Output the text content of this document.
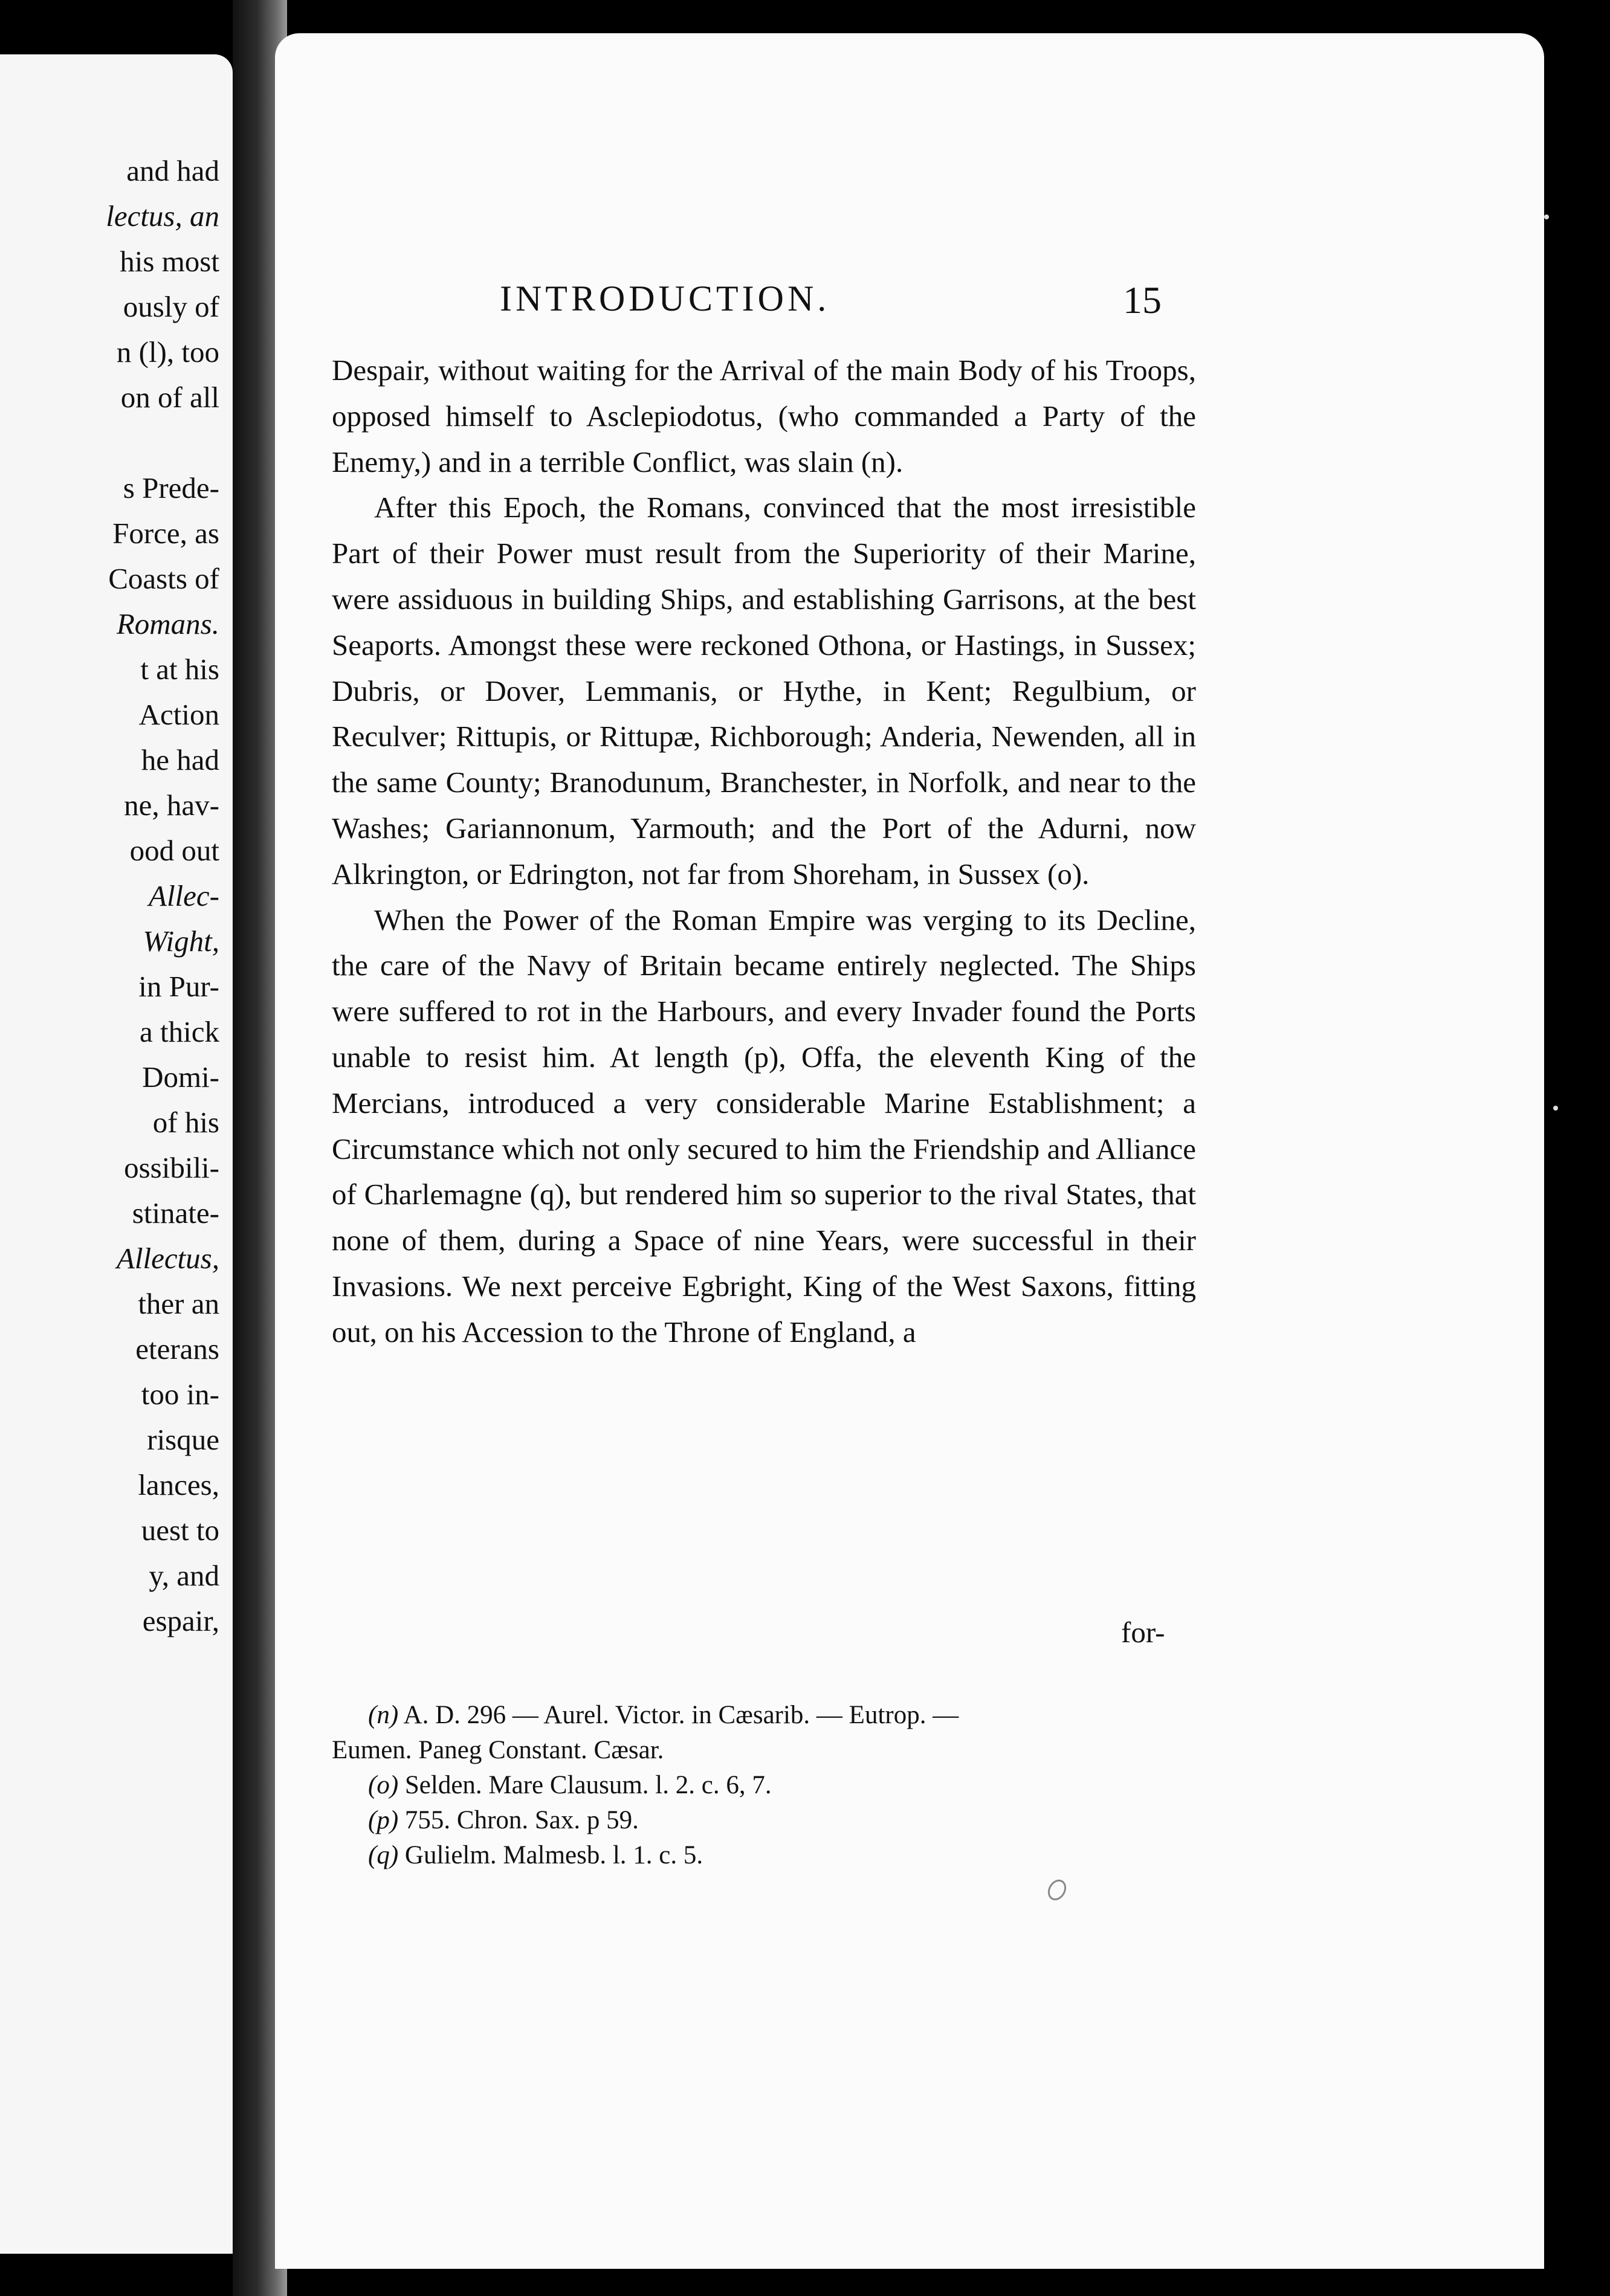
and had
lectus, an
his most
ously of
n (l), too
on of all
s Prede-
Force, as
Coasts of
Romans.
t at his
Action
he had
ne, hav-
ood out
Allec-
Wight,
in Pur-
a thick
Domi-
of his
ossibili-
stinate-
Allectus,
ther an
eterans
too in-
risque
lances,
uest to
y, and
espair,
INTRODUCTION.	15

Despair, without waiting for the Arrival of the main Body of his Troops, opposed himself to Asclepiodotus, (who commanded a Party of the Enemy,) and in a terrible Conflict, was slain (n).

After this Epoch, the Romans, convinced that the most irresistible Part of their Power must result from the Superiority of their Marine, were assiduous in building Ships, and establishing Garrisons, at the best Seaports. Amongst these were reckoned Othona, or Hastings, in Sussex; Dubris, or Dover, Lemmanis, or Hythe, in Kent; Regulbium, or Reculver; Rittupis, or Rittupæ, Richborough; Anderia, Newenden, all in the same County; Branodunum, Branchester, in Norfolk, and near to the Washes; Gariannonum, Yarmouth; and the Port of the Adurni, now Alkrington, or Edrington, not far from Shoreham, in Sussex (o).

When the Power of the Roman Empire was verging to its Decline, the care of the Navy of Britain became entirely neglected. The Ships were suffered to rot in the Harbours, and every Invader found the Ports unable to resist him. At length (p), Offa, the eleventh King of the Mercians, introduced a very considerable Marine Establishment; a Circumstance which not only secured to him the Friendship and Alliance of Charlemagne (q), but rendered him so superior to the rival States, that none of them, during a Space of nine Years, were successful in their Invasions. We next perceive Egbright, King of the West Saxons, fitting out, on his Accession to the Throne of England, a

for-
(n) A. D. 296 — Aurel. Victor. in Cæsarib. — Eutrop. —
Eumen. Paneg Constant. Cæsar.
(o) Selden. Mare Clausum. l. 2. c. 6, 7.
(p) 755. Chron. Sax. p 59.
(q) Gulielm. Malmesb. l. 1. c. 5.
